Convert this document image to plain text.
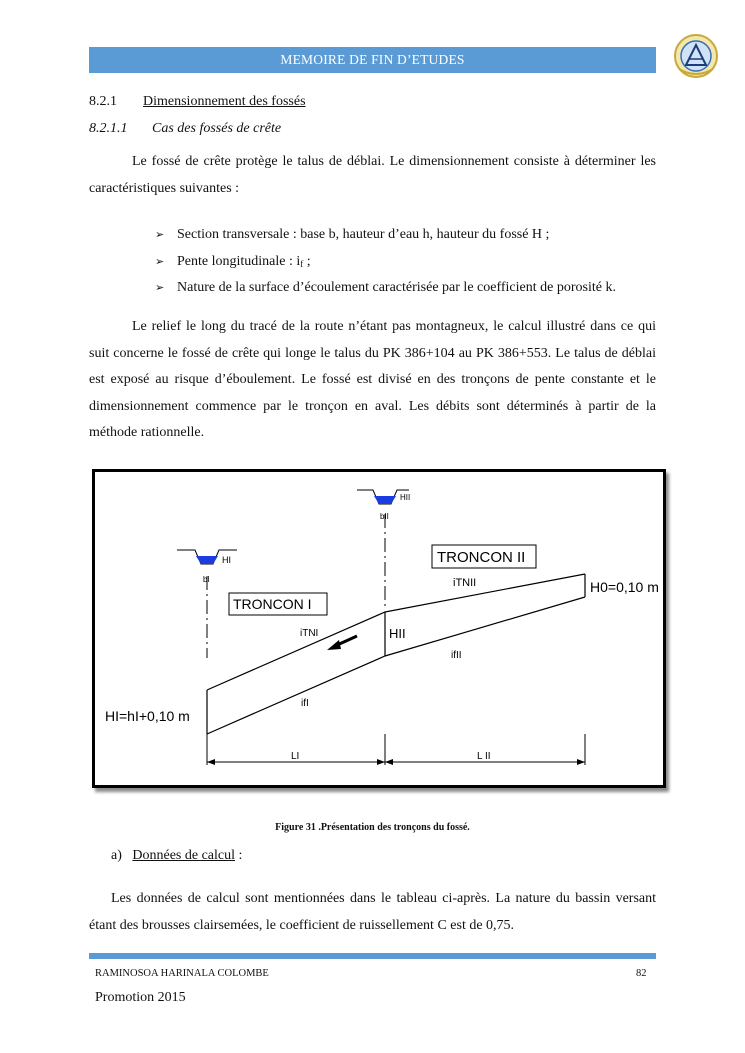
MEMOIRE DE FIN D’ETUDES
8.2.1 Dimensionnement des fossés
8.2.1.1 Cas des fossés de crête
Le fossé de crête protège le talus de déblai. Le dimensionnement consiste à déterminer les caractéristiques suivantes :
➢ Section transversale : base b, hauteur d’eau h, hauteur du fossé H ;
➢ Pente longitudinale : $i_f$ ;
➢ Nature de la surface d’écoulement caractérisée par le coefficient de porosité k.
Le relief le long du tracé de la route n’étant pas montagneux, le calcul illustré dans ce qui suit concerne le fossé de crête qui longe le talus du PK 386+104 au PK 386+553. Le talus de déblai est exposé au risque d’éboulement. Le fossé est divisé en des tronçons de pente constante et le dimensionnement commence par le tronçon en aval. Les débits sont déterminés à partir de la méthode rationnelle.
TRONCON I
TRONCON II
HI=hI+0,10 m
H0=0,10 m
HII
iTNI
iTNII
ifI
ifII
LI	L II
bI
bII
HI
HII
Figure 31 .Présentation des tronçons du fossé.
a) Données de calcul :
Les données de calcul sont mentionnées dans le tableau ci-après. La nature du bassin versant étant des brousses clairsemées, le coefficient de ruissellement C est de 0,75.
RAMINOSOA HARINALA COLOMBE	82
Promotion 2015
